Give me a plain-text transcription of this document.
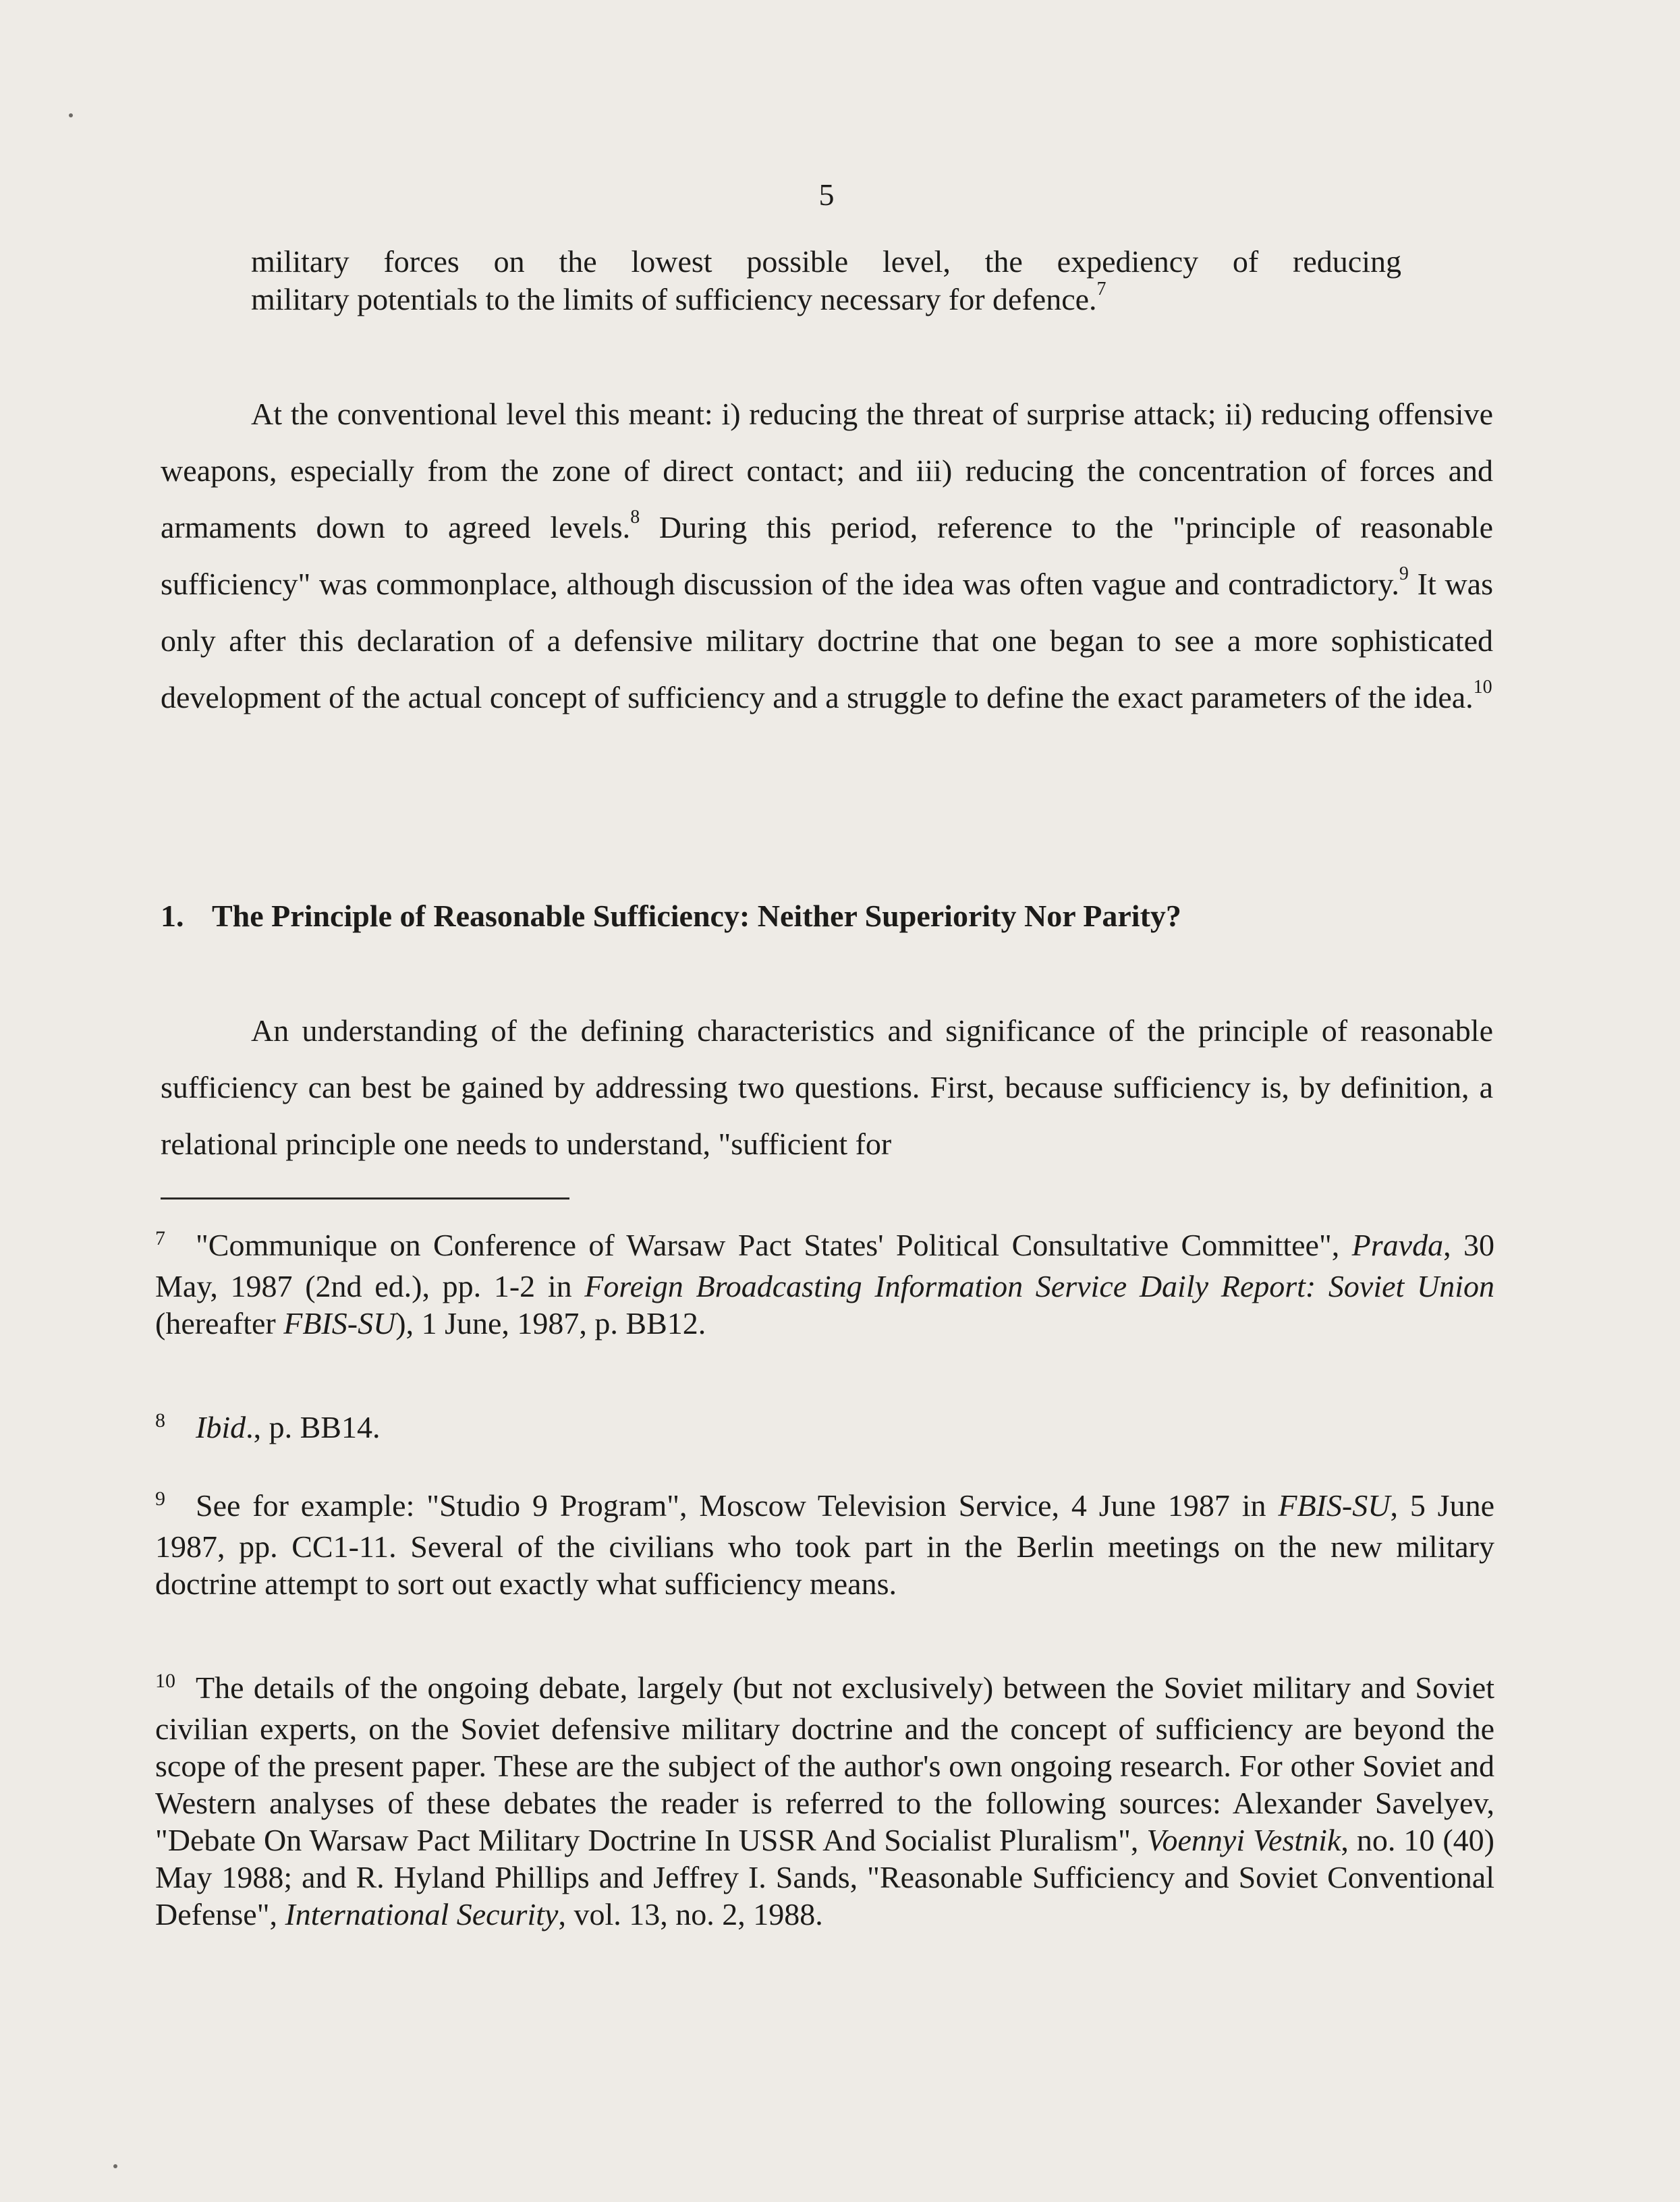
5
military forces on the lowest possible level, the expediency of reducing
military potentials to the limits of sufficiency necessary for defence.$^7$

At the conventional level this meant: i) reducing the threat of surprise attack; ii) reducing offensive weapons, especially from the zone of direct contact; and iii) reducing the concentration of forces and armaments down to agreed levels.$^8$ During this period, reference to the "principle of reasonable sufficiency" was commonplace, although discussion of the idea was often vague and contradictory.$^9$ It was only after this declaration of a defensive military doctrine that one began to see a more sophisticated development of the actual concept of sufficiency and a struggle to define the exact parameters of the idea.$^{10}$

1. The Principle of Reasonable Sufficiency: Neither Superiority Nor Parity?

An understanding of the defining characteristics and significance of the principle of reasonable sufficiency can best be gained by addressing two questions. First, because sufficiency is, by definition, a relational principle one needs to understand, "sufficient for

7 "Communique on Conference of Warsaw Pact States' Political Consultative Committee", Pravda, 30 May, 1987 (2nd ed.), pp. 1-2 in Foreign Broadcasting Information Service Daily Report: Soviet Union (hereafter FBIS-SU), 1 June, 1987, p. BB12.

8 Ibid., p. BB14.

9 See for example: "Studio 9 Program", Moscow Television Service, 4 June 1987 in FBIS-SU, 5 June 1987, pp. CC1-11. Several of the civilians who took part in the Berlin meetings on the new military doctrine attempt to sort out exactly what sufficiency means.

10 The details of the ongoing debate, largely (but not exclusively) between the Soviet military and Soviet civilian experts, on the Soviet defensive military doctrine and the concept of sufficiency are beyond the scope of the present paper. These are the subject of the author's own ongoing research. For other Soviet and Western analyses of these debates the reader is referred to the following sources: Alexander Savelyev, "Debate On Warsaw Pact Military Doctrine In USSR And Socialist Pluralism", Voennyi Vestnik, no. 10 (40) May 1988; and R. Hyland Phillips and Jeffrey I. Sands, "Reasonable Sufficiency and Soviet Conventional Defense", International Security, vol. 13, no. 2, 1988.
